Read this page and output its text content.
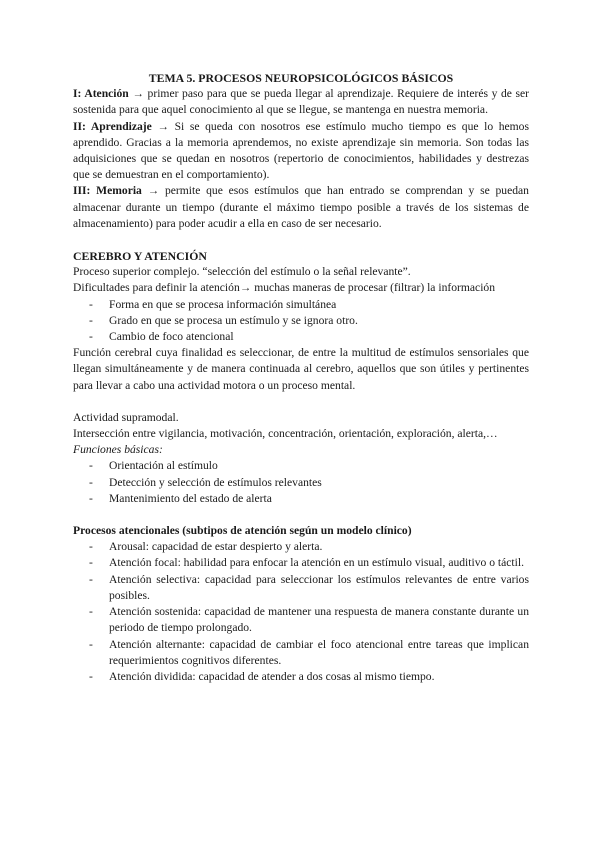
TEMA 5. PROCESOS NEUROPSICOLÓGICOS BÁSICOS

I: Atención → primer paso para que se pueda llegar al aprendizaje. Requiere de interés y de ser sostenida para que aquel conocimiento al que se llegue, se mantenga en nuestra memoria.

II: Aprendizaje → Si se queda con nosotros ese estímulo mucho tiempo es que lo hemos aprendido. Gracias a la memoria aprendemos, no existe aprendizaje sin memoria. Son todas las adquisiciones que se quedan en nosotros (repertorio de conocimientos, habilidades y destrezas que se demuestran en el comportamiento).

III: Memoria → permite que esos estímulos que han entrado se comprendan y se puedan almacenar durante un tiempo (durante el máximo tiempo posible a través de los sistemas de almacenamiento) para poder acudir a ella en caso de ser necesario.

CEREBRO Y ATENCIÓN

Proceso superior complejo. “selección del estímulo o la señal relevante”.

Dificultades para definir la atención→ muchas maneras de procesar (filtrar) la información

- Forma en que se procesa información simultánea
- Grado en que se procesa un estímulo y se ignora otro.
- Cambio de foco atencional

Función cerebral cuya finalidad es seleccionar, de entre la multitud de estímulos sensoriales que llegan simultáneamente y de manera continuada al cerebro, aquellos que son útiles y pertinentes para llevar a cabo una actividad motora o un proceso mental.

Actividad supramodal.

Intersección entre vigilancia, motivación, concentración, orientación, exploración, alerta,…

Funciones básicas:

- Orientación al estímulo
- Detección y selección de estímulos relevantes
- Mantenimiento del estado de alerta

Procesos atencionales (subtipos de atención según un modelo clínico)

- Arousal: capacidad de estar despierto y alerta.
- Atención focal: habilidad para enfocar la atención en un estímulo visual, auditivo o táctil.
- Atención selectiva: capacidad para seleccionar los estímulos relevantes de entre varios posibles.
- Atención sostenida: capacidad de mantener una respuesta de manera constante durante un periodo de tiempo prolongado.
- Atención alternante: capacidad de cambiar el foco atencional entre tareas que implican requerimientos cognitivos diferentes.
- Atención dividida: capacidad de atender a dos cosas al mismo tiempo.
